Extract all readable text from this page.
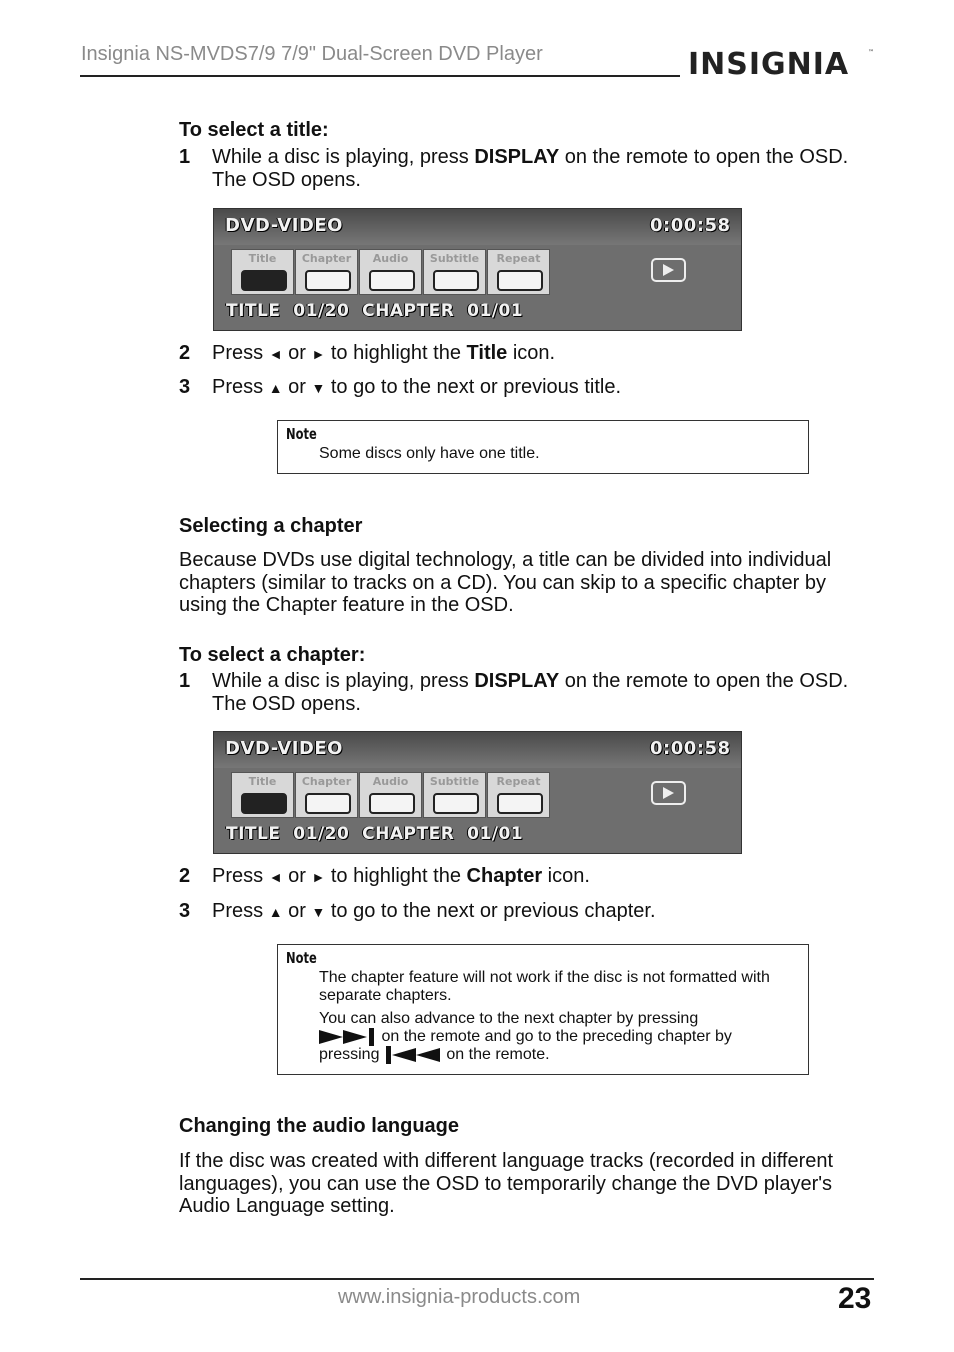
Insignia NS-MVDS7/9 7/9" Dual-Screen DVD Player	INSIGNIA	™
To select a title:
1 While a disc is playing, press DISPLAY on the remote to open the OSD. The OSD opens.
DVD-VIDEO	0:00:58
Title	Chapter	Audio	Subtitle	Repeat
TITLE  01/20  CHAPTER  01/01
2 Press ◄ or ► to highlight the Title icon.
3 Press ▲ or ▼ to go to the next or previous title.
Note
Some discs only have one title.
Selecting a chapter
Because DVDs use digital technology, a title can be divided into individual chapters (similar to tracks on a CD). You can skip to a specific chapter by using the Chapter feature in the OSD.
To select a chapter:
1 While a disc is playing, press DISPLAY on the remote to open the OSD. The OSD opens.
DVD-VIDEO	0:00:58
Title	Chapter	Audio	Subtitle	Repeat
TITLE  01/20  CHAPTER  01/01
2 Press ◄ or ► to highlight the Chapter icon.
3 Press ▲ or ▼ to go to the next or previous chapter.
Note
The chapter feature will not work if the disc is not formatted with separate chapters.
You can also advance to the next chapter by pressing
on the remote and go to the preceding chapter by
pressing	on the remote.
Changing the audio language
If the disc was created with different language tracks (recorded in different languages), you can use the OSD to temporarily change the DVD player's Audio Language setting.
www.insignia-products.com	23
